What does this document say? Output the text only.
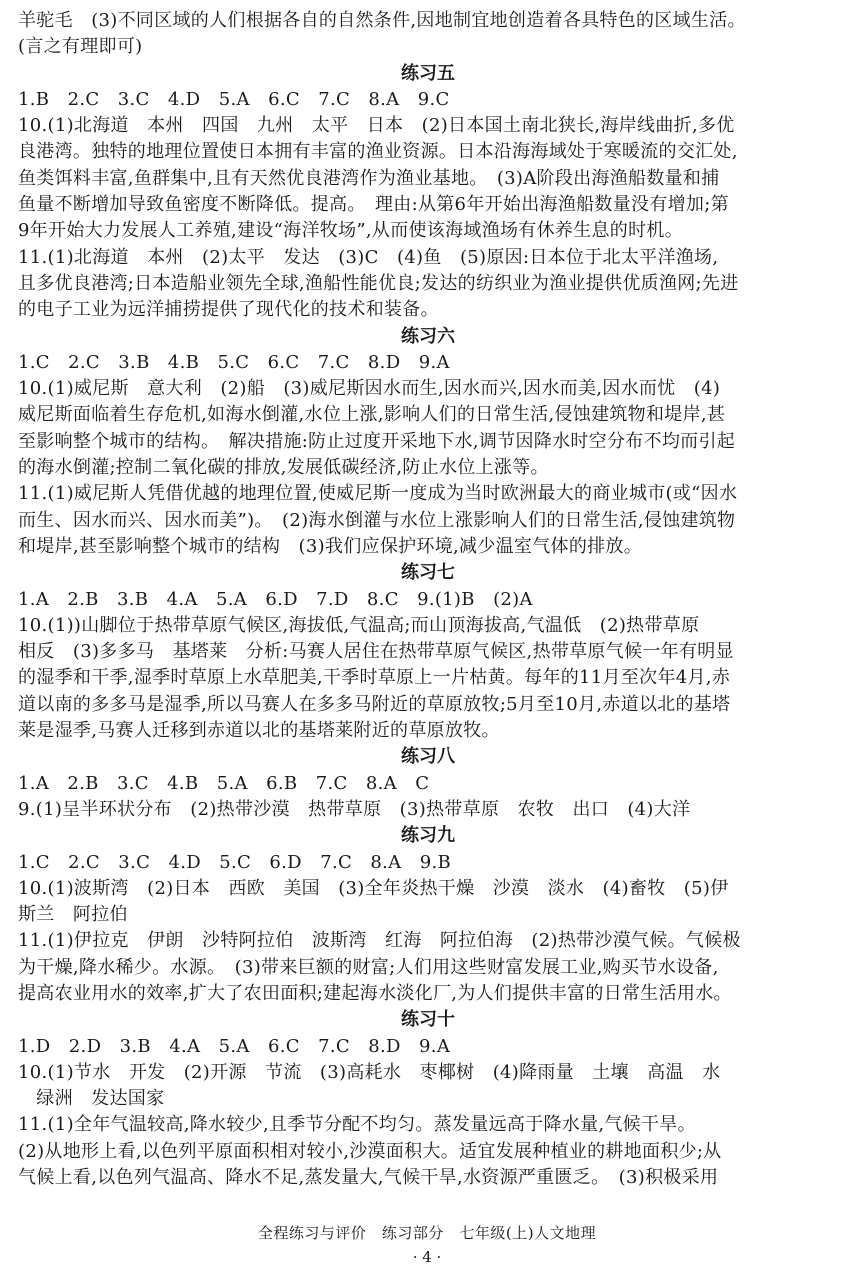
羊驼毛　(3)不同区域的人们根据各自的自然条件,因地制宜地创造着各具特色的区域生活。
(言之有理即可)
练习五
1.B　2.C　3.C　4.D　5.A　6.C　7.C　8.A　9.C
10.(1)北海道　本州　四国　九州　太平　日本　(2)日本国土南北狭长,海岸线曲折,多优
良港湾。独特的地理位置使日本拥有丰富的渔业资源。日本沿海海域处于寒暖流的交汇处,
鱼类饵料丰富,鱼群集中,且有天然优良港湾作为渔业基地。　(3)A阶段出海渔船数量和捕
鱼量不断增加导致鱼密度不断降低。提高。　理由:从第6年开始出海渔船数量没有增加;第
9年开始大力发展人工养殖,建设“海洋牧场”,从而使该海域渔场有休养生息的时机。
11.(1)北海道　本州　(2)太平　发达　(3)C　(4)鱼　(5)原因:日本位于北太平洋渔场,
且多优良港湾;日本造船业领先全球,渔船性能优良;发达的纺织业为渔业提供优质渔网;先进
的电子工业为远洋捕捞提供了现代化的技术和装备。
练习六
1.C　2.C　3.B　4.B　5.C　6.C　7.C　8.D　9.A
10.(1)威尼斯　意大利　(2)船　(3)威尼斯因水而生,因水而兴,因水而美,因水而忧　(4)
威尼斯面临着生存危机,如海水倒灌,水位上涨,影响人们的日常生活,侵蚀建筑物和堤岸,甚
至影响整个城市的结构。　解决措施:防止过度开采地下水,调节因降水时空分布不均而引起
的海水倒灌;控制二氧化碳的排放,发展低碳经济,防止水位上涨等。
11.(1)威尼斯人凭借优越的地理位置,使威尼斯一度成为当时欧洲最大的商业城市(或“因水
而生、因水而兴、因水而美”)。　(2)海水倒灌与水位上涨影响人们的日常生活,侵蚀建筑物
和堤岸,甚至影响整个城市的结构　(3)我们应保护环境,减少温室气体的排放。
练习七
1.A　2.B　3.B　4.A　5.A　6.D　7.D　8.C　9.(1)B　(2)A
10.(1))山脚位于热带草原气候区,海拔低,气温高;而山顶海拔高,气温低　(2)热带草原
相反　(3)多多马　基塔莱　分析:马赛人居住在热带草原气候区,热带草原气候一年有明显
的湿季和干季,湿季时草原上水草肥美,干季时草原上一片枯黄。每年的11月至次年4月,赤
道以南的多多马是湿季,所以马赛人在多多马附近的草原放牧;5月至10月,赤道以北的基塔
莱是湿季,马赛人迁移到赤道以北的基塔莱附近的草原放牧。
练习八
1.A　2.B　3.C　4.B　5.A　6.B　7.C　8.A　C
9.(1)呈半环状分布　(2)热带沙漠　热带草原　(3)热带草原　农牧　出口　(4)大洋
练习九
1.C　2.C　3.C　4.D　5.C　6.D　7.C　8.A　9.B
10.(1)波斯湾　(2)日本　西欧　美国　(3)全年炎热干燥　沙漠　淡水　(4)畜牧　(5)伊
斯兰　阿拉伯
11.(1)伊拉克　伊朗　沙特阿拉伯　波斯湾　红海　阿拉伯海　(2)热带沙漠气候。气候极
为干燥,降水稀少。水源。　(3)带来巨额的财富;人们用这些财富发展工业,购买节水设备,
提高农业用水的效率,扩大了农田面积;建起海水淡化厂,为人们提供丰富的日常生活用水。
练习十
1.D　2.D　3.B　4.A　5.A　6.C　7.C　8.D　9.A
10.(1)节水　开发　(2)开源　节流　(3)高耗水　枣椰树　(4)降雨量　土壤　高温　水
　绿洲　发达国家
11.(1)全年气温较高,降水较少,且季节分配不均匀。蒸发量远高于降水量,气候干旱。
(2)从地形上看,以色列平原面积相对较小,沙漠面积大。适宜发展种植业的耕地面积少;从
气候上看,以色列气温高、降水不足,蒸发量大,气候干旱,水资源严重匮乏。　(3)积极采用
全程练习与评价　练习部分　七年级(上)人文地理
· 4 ·
